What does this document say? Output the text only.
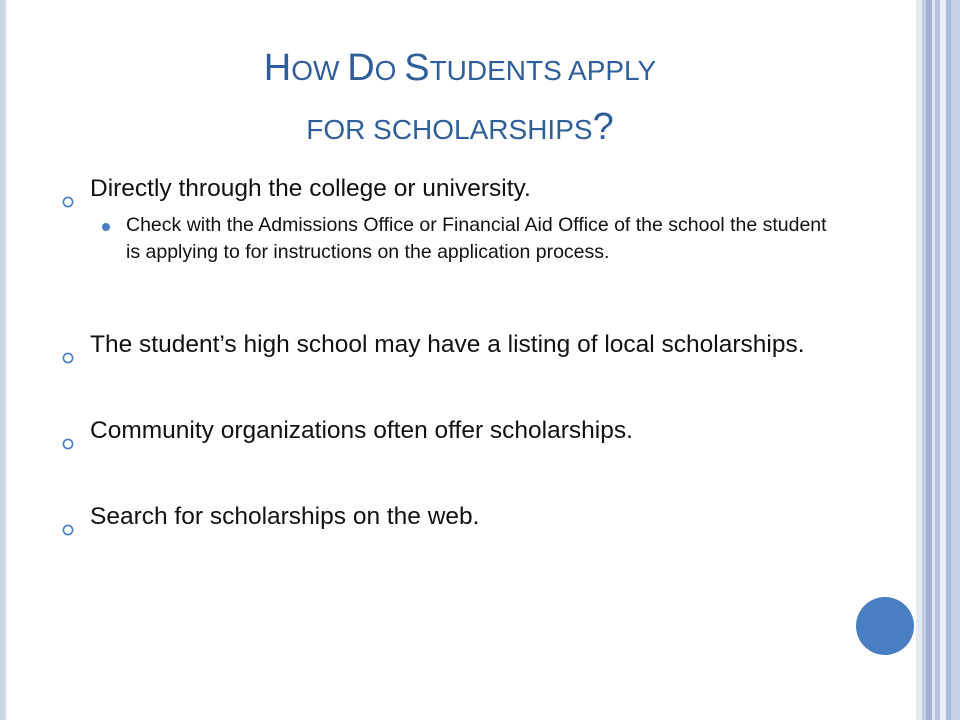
HOW DO STUDENTS APPLY
FOR SCHOLARSHIPS?
Directly through the college or university.
Check with the Admissions Office or Financial Aid Office of the school the student is applying to for instructions on the application process.
The student’s high school may have a listing of local scholarships.
Community organizations often offer scholarships.
Search for scholarships on the web.
